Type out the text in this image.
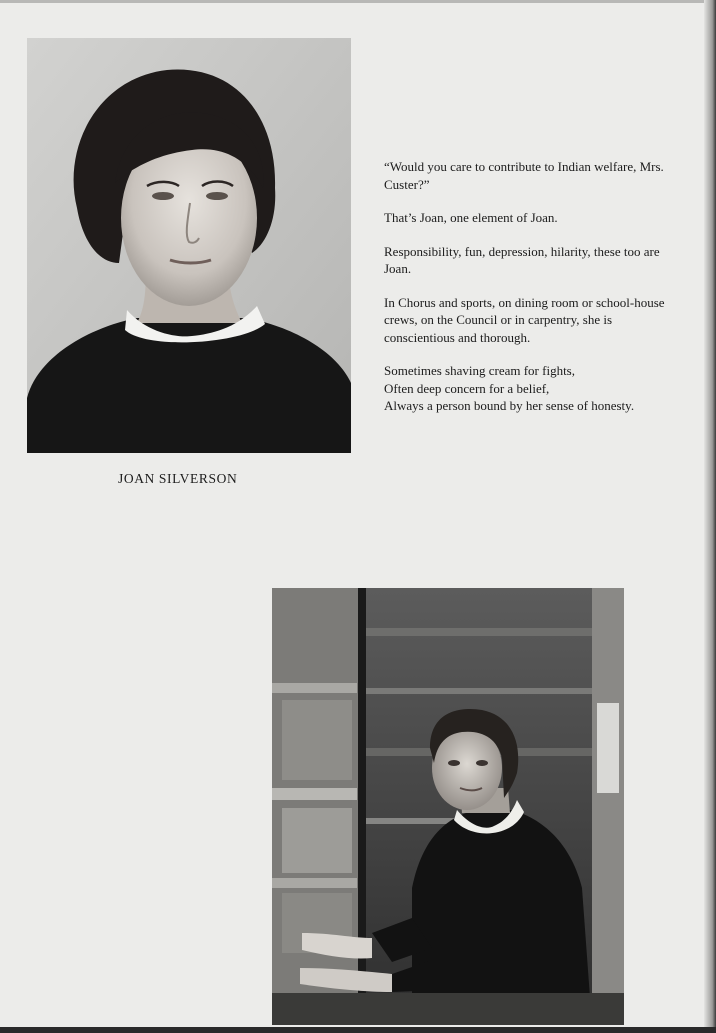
JOAN SILVERSON

“Would you care to contribute to Indian welfare, Mrs. Custer?”

That’s Joan, one element of Joan.

Responsibility, fun, depression, hilarity, these too are Joan.

In Chorus and sports, on dining room or school-house crews, on the Council or in carpentry, she is conscientious and thorough.

Sometimes shaving cream for fights,
Often deep concern for a belief,
Always a person bound by her sense of honesty.
